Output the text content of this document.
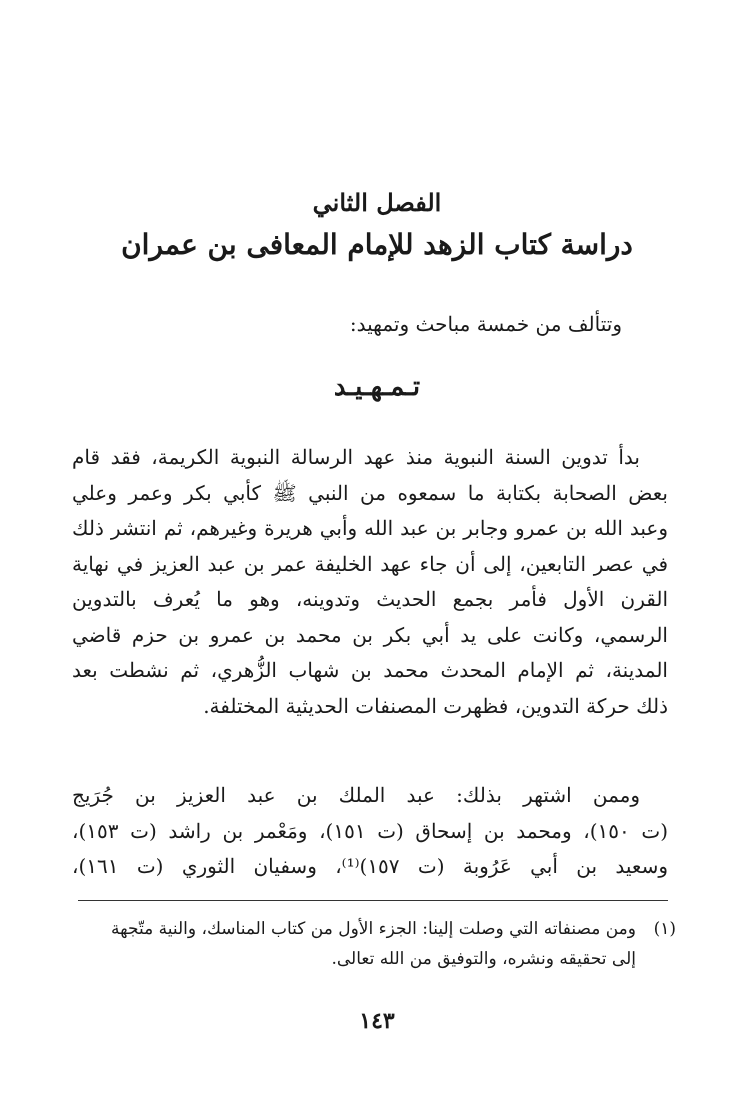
الفصل الثاني
دراسة كتاب الزهد للإمام المعافى بن عمران
وتتألف من خمسة مباحث وتمهيد:
تـمـهـيـد
بدأ تدوين السنة النبوية منذ عهد الرسالة النبوية الكريمة، فقد قام
بعض الصحابة بكتابة ما سمعوه من النبي ﷺ كأبي بكر وعمر وعلي
وعبد الله بن عمرو وجابر بن عبد الله وأبي هريرة وغيرهم، ثم انتشر ذلك
في عصر التابعين، إلى أن جاء عهد الخليفة عمر بن عبد العزيز في نهاية
القرن الأول فأمر بجمع الحديث وتدوينه، وهو ما يُعرف بالتدوين
الرسمي، وكانت على يد أبي بكر بن محمد بن عمرو بن حزم قاضي
المدينة، ثم الإمام المحدث محمد بن شهاب الزُّهري، ثم نشطت بعد
ذلك حركة التدوين، فظهرت المصنفات الحديثية المختلفة.
وممن اشتهر بذلك: عبد الملك بن عبد العزيز بن جُرَيج
(ت ١٥٠)، ومحمد بن إسحاق (ت ١٥١)، ومَعْمر بن راشد (ت ١٥٣)،
وسعيد بن أبي عَرُوبة (ت ١٥٧)⁽¹⁾، وسفيان الثوري (ت ١٦١)،
(١)ومن مصنفاته التي وصلت إلينا: الجزء الأول من كتاب المناسك، والنية متّجهة
إلى تحقيقه ونشره، والتوفيق من الله تعالى.
١٤٣
